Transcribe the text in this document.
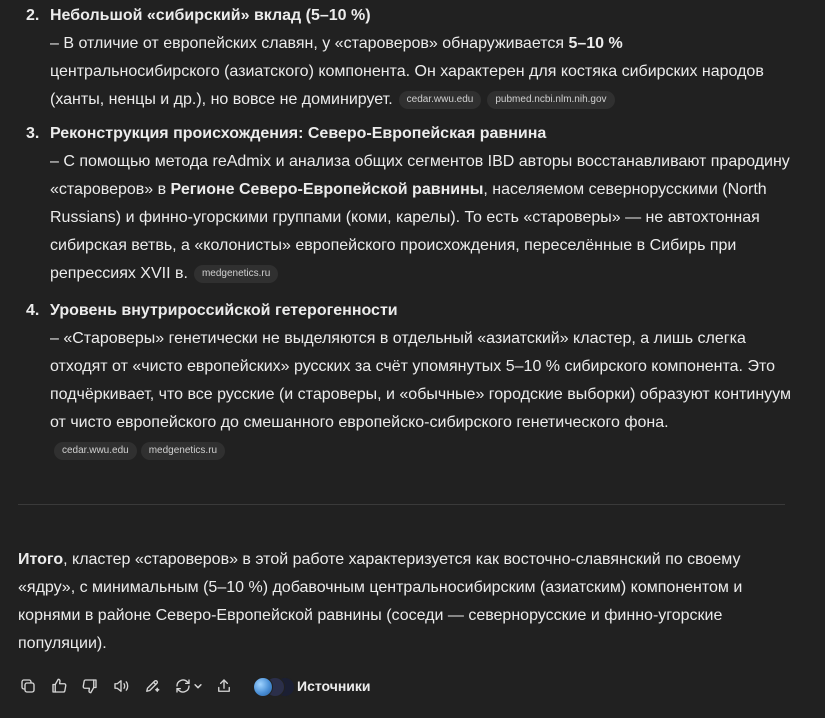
2. Небольшой «сибирский» вклад (5–10 %)
– В отличие от европейских славян, у «староверов» обнаруживается 5–10 % центральносибирского (азиатского) компонента. Он характерен для костяка сибирских народов (ханты, ненцы и др.), но вовсе не доминирует. cedar.wwu.edu pubmed.ncbi.nlm.nih.gov
3. Реконструкция происхождения: Северо-Европейская равнина
– С помощью метода reAdmix и анализа общих сегментов IBD авторы восстанавливают прародину «староверов» в Регионе Северо-Европейской равнины, населяемом севернорусскими (North Russians) и финно-угорскими группами (коми, карелы). То есть «староверы» — не автохтонная сибирская ветвь, а «колонисты» европейского происхождения, переселённые в Сибирь при репрессиях XVII в. medgenetics.ru
4. Уровень внутрироссийской гетерогенности
– «Староверы» генетически не выделяются в отдельный «азиатский» кластер, а лишь слегка отходят от «чисто европейских» русских за счёт упомянутых 5–10 % сибирского компонента. Это подчёркивает, что все русские (и староверы, и «обычные» городские выборки) образуют континуум от чисто европейского до смешанного европейско-сибирского генетического фона.
cedar.wwu.edu medgenetics.ru
Итого, кластер «староверов» в этой работе характеризуется как восточно-славянский по своему «ядру», с минимальным (5–10 %) добавочным центральносибирским (азиатским) компонентом и корнями в районе Северо-Европейской равнины (соседи — севернорусские и финно-угорские популяции).
Источники
